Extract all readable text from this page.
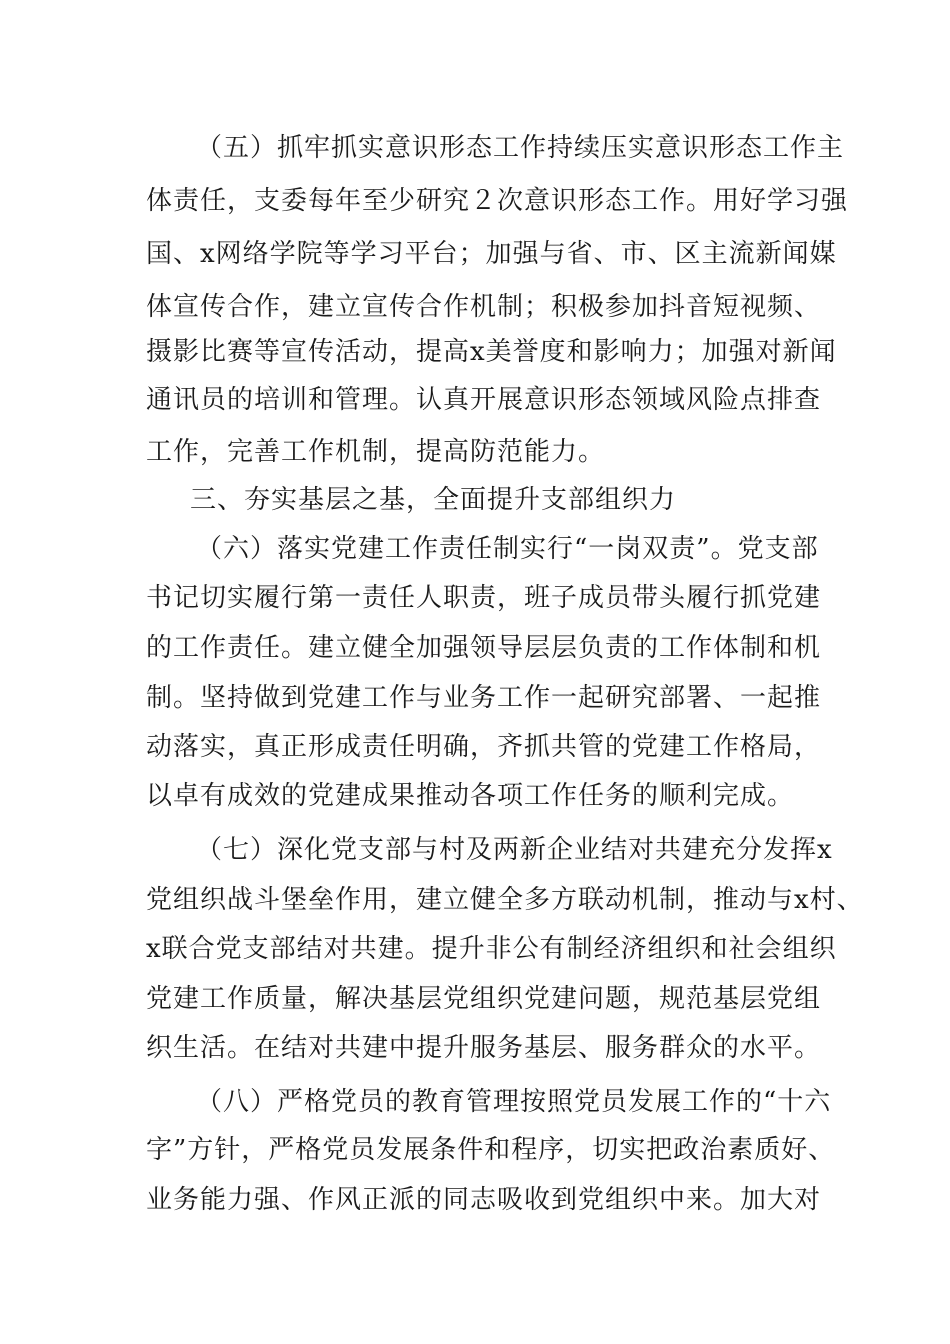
（五）抓牢抓实意识形态工作持续压实意识形态工作主
体责任，支委每年至少研究２次意识形态工作。用好学习强
国、x网络学院等学习平台；加强与省、市、区主流新闻媒
体宣传合作，建立宣传合作机制；积极参加抖音短视频、
摄影比赛等宣传活动，提高x美誉度和影响力；加强对新闻
通讯员的培训和管理。认真开展意识形态领域风险点排查
工作，完善工作机制，提高防范能力。
三、夯实基层之基，全面提升支部组织力
（六）落实党建工作责任制实行“一岗双责”。党支部
书记切实履行第一责任人职责，班子成员带头履行抓党建
的工作责任。建立健全加强领导层层负责的工作体制和机
制。坚持做到党建工作与业务工作一起研究部署、一起推
动落实，真正形成责任明确，齐抓共管的党建工作格局，
以卓有成效的党建成果推动各项工作任务的顺利完成。
（七）深化党支部与村及两新企业结对共建充分发挥x
党组织战斗堡垒作用，建立健全多方联动机制，推动与x村、
x联合党支部结对共建。提升非公有制经济组织和社会组织
党建工作质量，解决基层党组织党建问题，规范基层党组
织生活。在结对共建中提升服务基层、服务群众的水平。
（八）严格党员的教育管理按照党员发展工作的“十六
字”方针，严格党员发展条件和程序，切实把政治素质好、
业务能力强、作风正派的同志吸收到党组织中来。加大对
